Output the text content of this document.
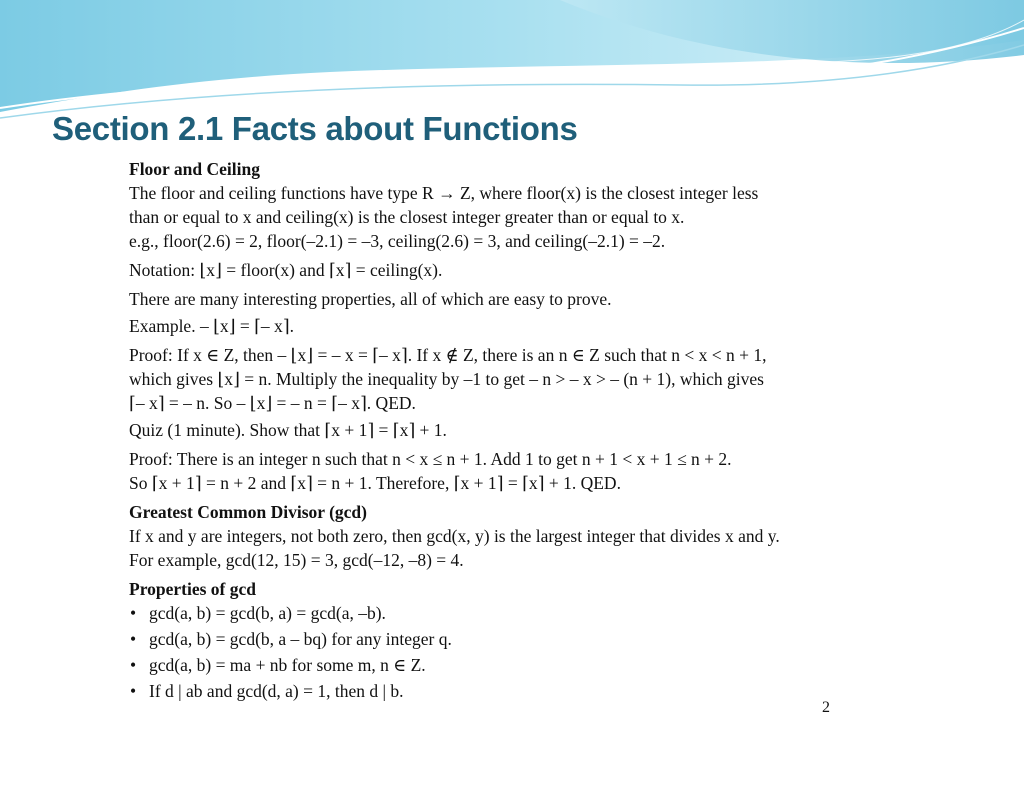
Section 2.1 Facts about Functions
Floor and Ceiling
The floor and ceiling functions have type R → Z, where floor(x) is the closest integer less
than or equal to x and ceiling(x) is the closest integer greater than or equal to x.
e.g., floor(2.6) = 2, floor(–2.1) = –3, ceiling(2.6) = 3, and ceiling(–2.1) = –2.
Notation: ⌊x⌋ = floor(x) and ⌈x⌉ = ceiling(x).
There are many interesting properties, all of which are easy to prove.
Example. – ⌊x⌋ = ⌈– x⌉.
Proof: If x ∈ Z, then – ⌊x⌋ = – x = ⌈– x⌉. If x ∉ Z, there is an n ∈ Z such that n < x < n + 1,
which gives ⌊x⌋ = n. Multiply the inequality by –1 to get – n > – x > – (n + 1), which gives
⌈– x⌉ = – n. So – ⌊x⌋ = – n = ⌈– x⌉. QED.
Quiz (1 minute). Show that ⌈x + 1⌉ = ⌈x⌉ + 1.
Proof: There is an integer n such that n < x ≤ n + 1. Add 1 to get n + 1 < x + 1 ≤ n + 2.
So ⌈x + 1⌉ = n + 2 and ⌈x⌉ = n + 1. Therefore, ⌈x + 1⌉ = ⌈x⌉ + 1. QED.
Greatest Common Divisor (gcd)
If x and y are integers, not both zero, then gcd(x, y) is the largest integer that divides x and y.
For example, gcd(12, 15) = 3, gcd(–12, –8) = 4.
Properties of gcd
• gcd(a, b) = gcd(b, a) = gcd(a, –b).
• gcd(a, b) = gcd(b, a – bq) for any integer q.
• gcd(a, b) = ma + nb for some m, n ∈ Z.
• If d | ab and gcd(d, a) = 1, then d | b.
2
